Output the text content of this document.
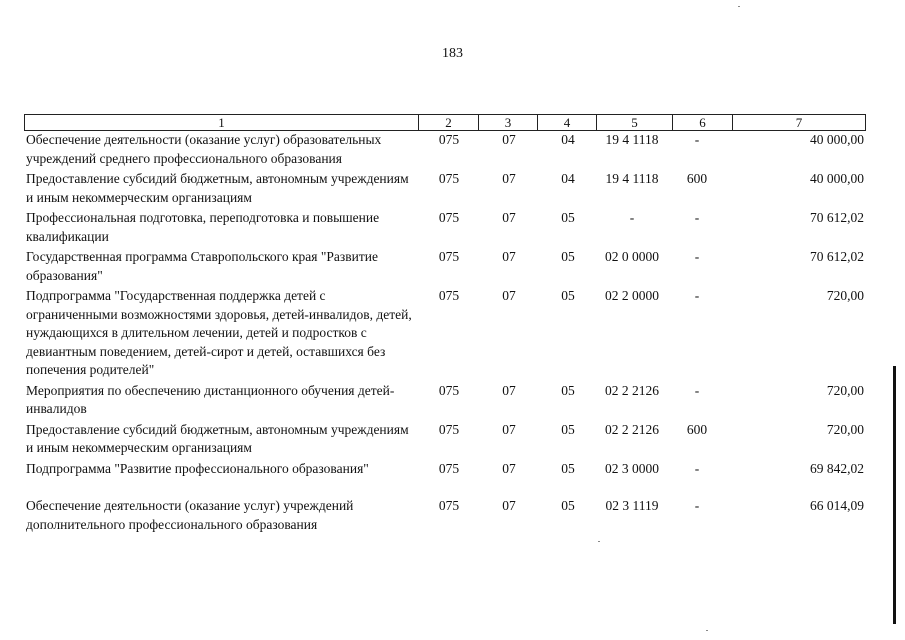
183
1	2	3	4	5	6	7
Обеспечение деятельности (оказание услуг) образовательных учреждений среднего профессионального образования
075	07	04	19 4 1118	-	40 000,00
Предоставление субсидий бюджетным, автономным учреждениям и иным некоммерческим организациям
075	07	04	19 4 1118	600	40 000,00
Профессиональная подготовка, переподготовка и повышение квалификации
075	07	05	-	-	70 612,02
Государственная программа Ставропольского края "Развитие образования"
075	07	05	02 0 0000	-	70 612,02
Подпрограмма "Государственная поддержка детей с ограниченными возможностями здоровья, детей-инвалидов, детей, нуждающихся в длительном лечении, детей и подростков с девиантным поведением, детей-сирот и детей, оставшихся без попечения родителей"
075	07	05	02 2 0000	-	720,00
Мероприятия по обеспечению дистанционного обучения детей-инвалидов
075	07	05	02 2 2126	-	720,00
Предоставление субсидий бюджетным, автономным учреждениям и иным некоммерческим организациям
075	07	05	02 2 2126	600	720,00
Подпрограмма "Развитие профессионального образования"	075	07	05	02 3 0000	-	69 842,02
Обеспечение деятельности (оказание услуг) учреждений дополнительного профессионального образования
075	07	05	02 3 1119	-	66 014,09
